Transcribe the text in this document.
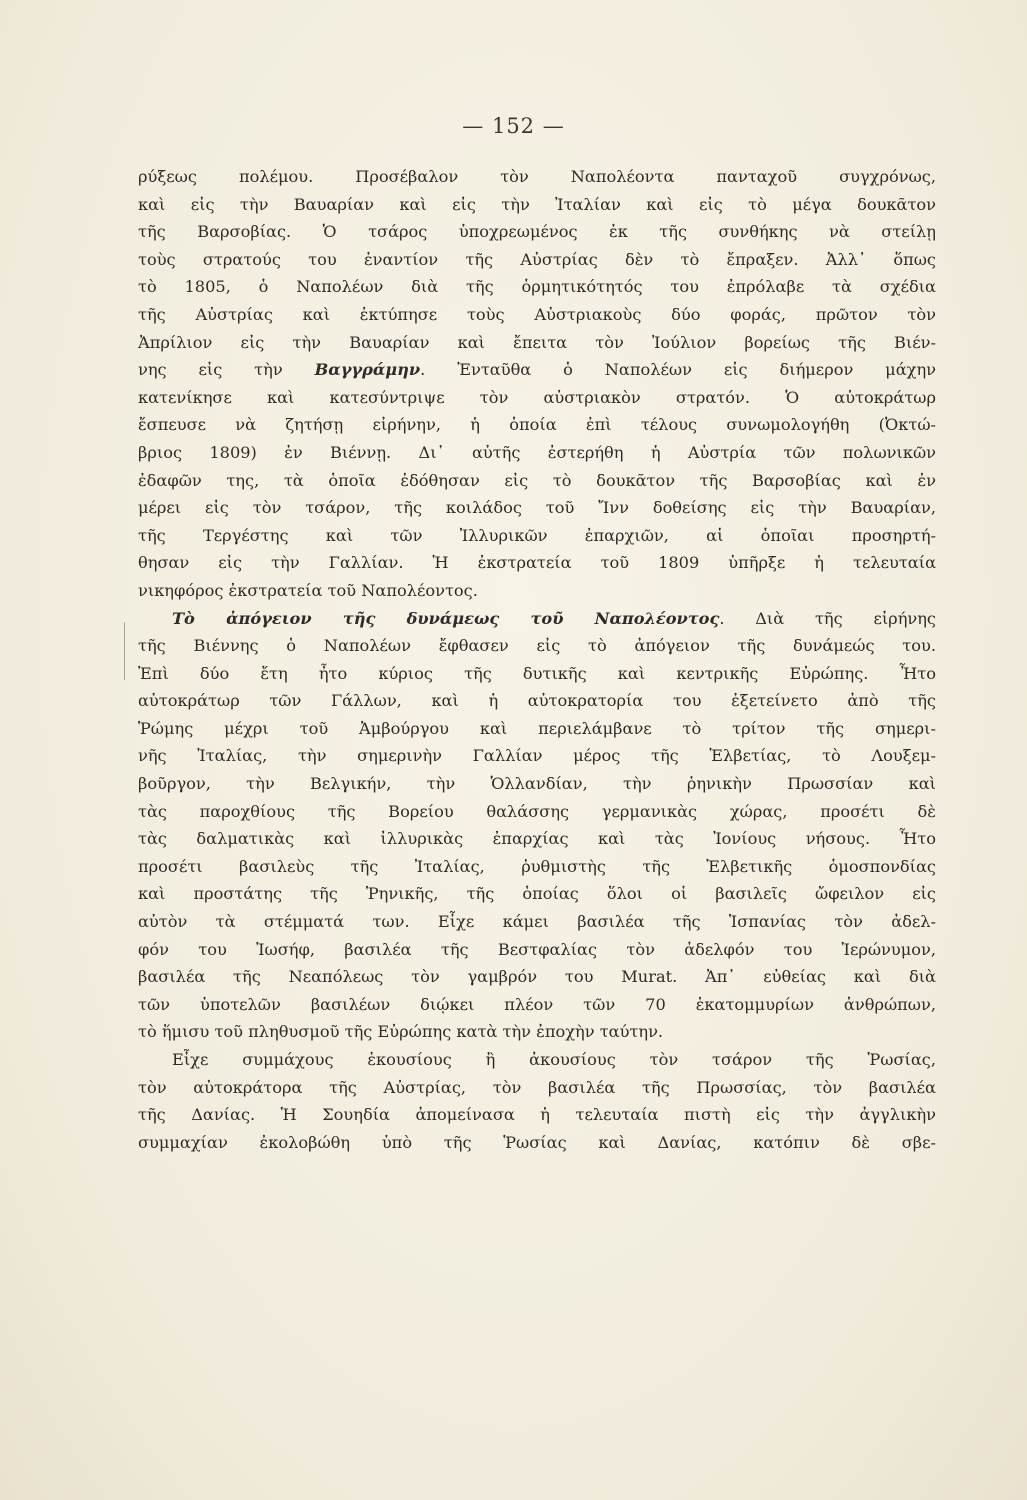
— 152 —
ρύξεως πολέμου. Προσέβαλον τὸν Ναπολέοντα πανταχοῦ συγχρόνως,
καὶ εἰς τὴν Βαυαρίαν καὶ εἰς τὴν Ἰταλίαν καὶ εἰς τὸ μέγα δουκᾶτον
τῆς Βαρσοβίας. Ὁ τσάρος ὑποχρεωμένος ἐκ τῆς συνθήκης νὰ στείλῃ
τοὺς στρατούς του ἐναντίον τῆς Αὐστρίας δὲν τὸ ἔπραξεν. Ἀλλ᾿ ὅπως
τὸ 1805, ὁ Ναπολέων διὰ τῆς ὁρμητικότητός του ἐπρόλαβε τὰ σχέδια
τῆς Αὐστρίας καὶ ἐκτύπησε τοὺς Αὐστριακοὺς δύο φοράς, πρῶτον τὸν
Ἀπρίλιον εἰς τὴν Βαυαρίαν καὶ ἔπειτα τὸν Ἰούλιον βορείως τῆς Βιέν-
νης εἰς τὴν Βαγγράμην. Ἐνταῦθα ὁ Ναπολέων εἰς διήμερον μάχην
κατενίκησε καὶ κατεσύντριψε τὸν αὐστριακὸν στρατόν. Ὁ αὐτοκράτωρ
ἔσπευσε νὰ ζητήσῃ εἰρήνην, ἡ ὁποία ἐπὶ τέλους συνωμολογήθη (Ὀκτώ-
βριος 1809) ἐν Βιέννῃ. Δι᾿ αὐτῆς ἐστερήθη ἡ Αὐστρία τῶν πολωνικῶν
ἐδαφῶν της, τὰ ὁποῖα ἐδόθησαν εἰς τὸ δουκᾶτον τῆς Βαρσοβίας καὶ ἐν
μέρει εἰς τὸν τσάρον, τῆς κοιλάδος τοῦ Ἴνν δοθείσης εἰς τὴν Βαυαρίαν,
τῆς Τεργέστης καὶ τῶν Ἰλλυρικῶν ἐπαρχιῶν, αἱ ὁποῖαι προσηρτή-
θησαν εἰς τὴν Γαλλίαν. Ἡ ἐκστρατεία τοῦ 1809 ὑπῆρξε ἡ τελευταία
νικηφόρος ἐκστρατεία τοῦ Ναπολέοντος.
Τὸ ἀπόγειον τῆς δυνάμεως τοῦ Ναπολέοντος. Διὰ τῆς εἰρήνης
τῆς Βιέννης ὁ Ναπολέων ἔφθασεν εἰς τὸ ἀπόγειον τῆς δυνάμεώς του.
Ἐπὶ δύο ἔτη ἦτο κύριος τῆς δυτικῆς καὶ κεντρικῆς Εὐρώπης. Ἦτο
αὐτοκράτωρ τῶν Γάλλων, καὶ ἡ αὐτοκρατορία του ἐξετείνετο ἀπὸ τῆς
Ῥώμης μέχρι τοῦ Ἀμβούργου καὶ περιελάμβανε τὸ τρίτον τῆς σημερι-
νῆς Ἰταλίας, τὴν σημερινὴν Γαλλίαν μέρος τῆς Ἑλβετίας, τὸ Λουξεμ-
βοῦργον, τὴν Βελγικήν, τὴν Ὁλλανδίαν, τὴν ῥηνικὴν Πρωσσίαν καὶ
τὰς παροχθίους τῆς Βορείου θαλάσσης γερμανικὰς χώρας, προσέτι δὲ
τὰς δαλματικὰς καὶ ἰλλυρικὰς ἐπαρχίας καὶ τὰς Ἰονίους νήσους. Ἦτο
προσέτι βασιλεὺς τῆς Ἰταλίας, ῥυθμιστὴς τῆς Ἑλβετικῆς ὁμοσπονδίας
καὶ προστάτης τῆς Ῥηνικῆς, τῆς ὁποίας ὅλοι οἱ βασιλεῖς ὤφειλον εἰς
αὐτὸν τὰ στέμματά των. Εἶχε κάμει βασιλέα τῆς Ἱσπανίας τὸν ἀδελ-
φόν του Ἰωσήφ, βασιλέα τῆς Βεστφαλίας τὸν ἀδελφόν του Ἱερώνυμον,
βασιλέα τῆς Νεαπόλεως τὸν γαμβρόν του Murat. Ἀπ᾿ εὐθείας καὶ διὰ
τῶν ὑποτελῶν βασιλέων διῴκει πλέον τῶν 70 ἑκατομμυρίων ἀνθρώπων,
τὸ ἥμισυ τοῦ πληθυσμοῦ τῆς Εὐρώπης κατὰ τὴν ἐποχὴν ταύτην.
Εἶχε συμμάχους ἑκουσίους ἢ ἀκουσίους τὸν τσάρον τῆς Ῥωσίας,
τὸν αὐτοκράτορα τῆς Αὐστρίας, τὸν βασιλέα τῆς Πρωσσίας, τὸν βασιλέα
τῆς Δανίας. Ἡ Σουηδία ἀπομείνασα ἡ τελευταία πιστὴ εἰς τὴν ἀγγλικὴν
συμμαχίαν ἐκολοβώθη ὑπὸ τῆς Ῥωσίας καὶ Δανίας, κατόπιν δὲ σβε-
